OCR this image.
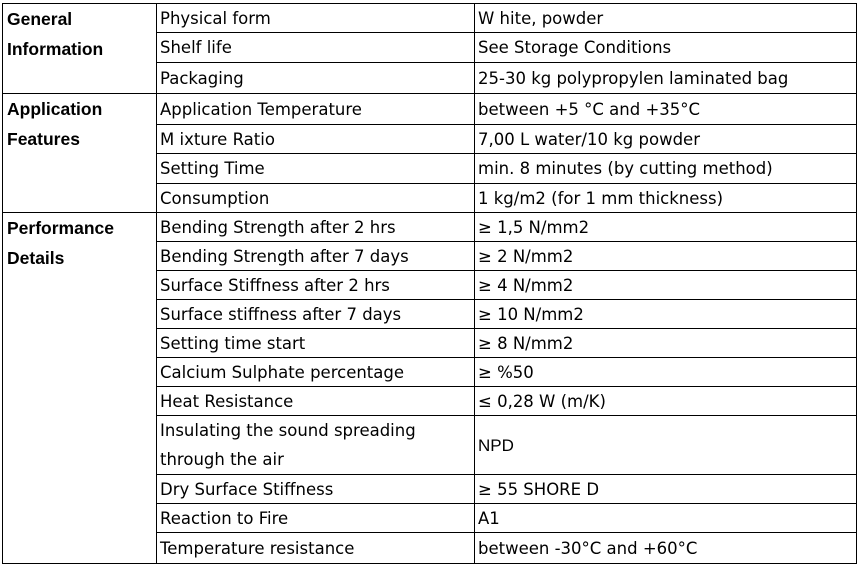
General Information	Physical form	W hite, powder
	Shelf life	See Storage Conditions
	Packaging	25-30 kg polypropylen laminated bag
Application Features	Application Temperature	between +5 °C and +35°C
	M ixture Ratio	7,00 L water/10 kg powder
	Setting Time	min. 8 minutes (by cutting method)
	Consumption	1 kg/m2 (for 1 mm thickness)
Performance Details	Bending Strength after 2 hrs	≥ 1,5 N/mm2
	Bending Strength after 7 days	≥ 2 N/mm2
	Surface Stiffness after 2 hrs	≥ 4 N/mm2
	Surface stiffness after 7 days	≥ 10 N/mm2
	Setting time start	≥ 8 N/mm2
	Calcium Sulphate percentage	≥ %50
	Heat Resistance	≤ 0,28 W (m/K)
	Insulating the sound spreading through the air	NPD
	Dry Surface Stiffness	≥ 55 SHORE D
	Reaction to Fire	A1
	Temperature resistance	between -30°C and +60°C
